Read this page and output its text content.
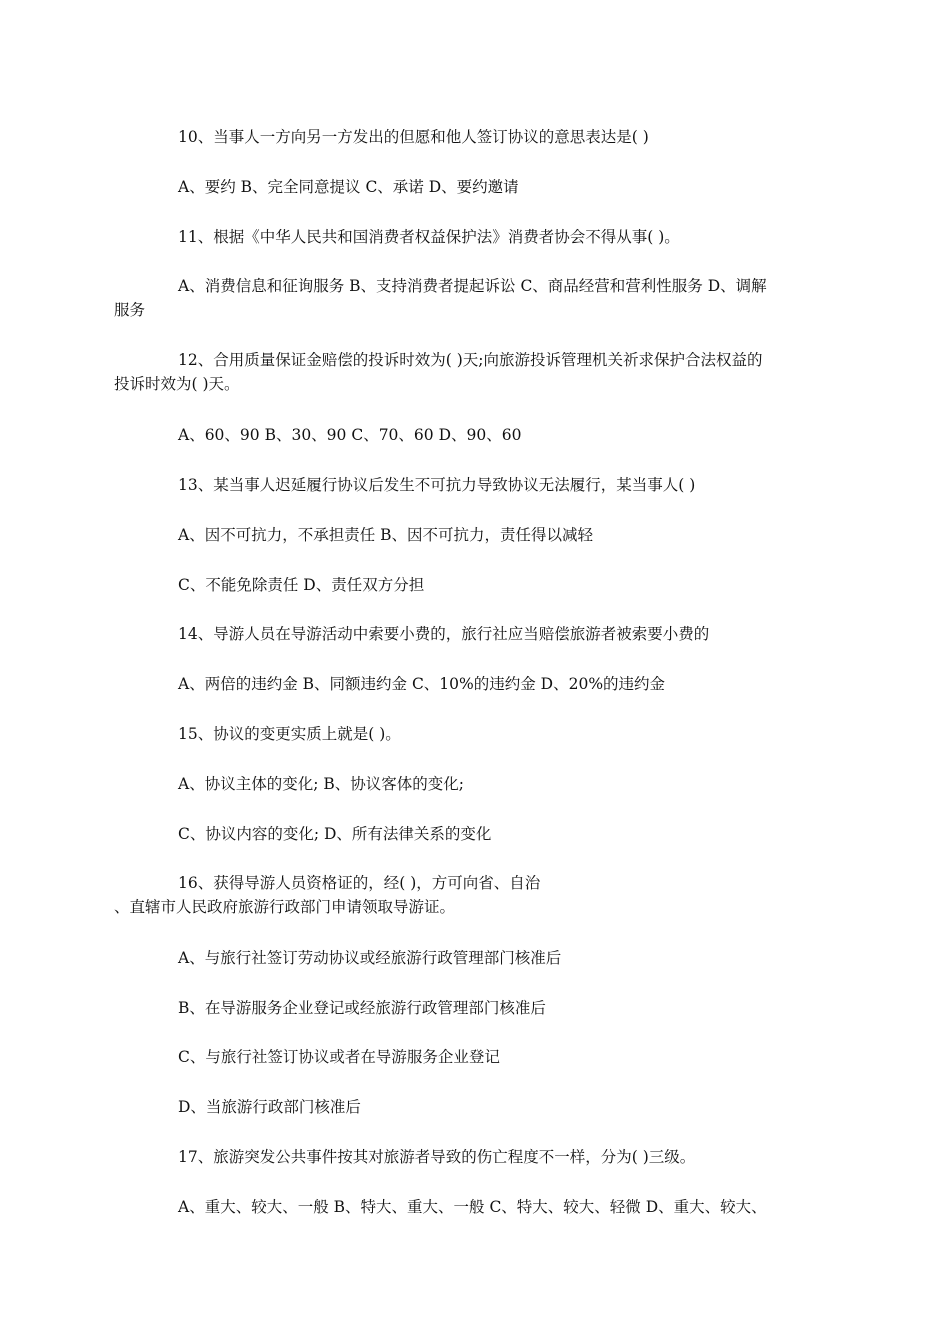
10、当事人一方向另一方发出的但愿和他人签订协议的意思表达是( )

A、要约 B、完全同意提议 C、承诺 D、要约邀请

11、根据《中华人民共和国消费者权益保护法》消费者协会不得从事( )。

A、消费信息和征询服务 B、支持消费者提起诉讼 C、商品经营和营利性服务 D、调解
服务

12、合用质量保证金赔偿的投诉时效为( )天;向旅游投诉管理机关祈求保护合法权益的
投诉时效为( )天。

A、60、90 B、30、90 C、70、60 D、90、60

13、某当事人迟延履行协议后发生不可抗力导致协议无法履行，某当事人( )

A、因不可抗力，不承担责任 B、因不可抗力，责任得以减轻

C、不能免除责任 D、责任双方分担

14、导游人员在导游活动中索要小费的，旅行社应当赔偿旅游者被索要小费的

A、两倍的违约金 B、同额违约金 C、10%的违约金 D、20%的违约金

15、协议的变更实质上就是( )。

A、协议主体的变化; B、协议客体的变化;

C、协议内容的变化; D、所有法律关系的变化

16、获得导游人员资格证的，经( )，方可向省、自治
、直辖市人民政府旅游行政部门申请领取导游证。

A、与旅行社签订劳动协议或经旅游行政管理部门核准后

B、在导游服务企业登记或经旅游行政管理部门核准后

C、与旅行社签订协议或者在导游服务企业登记

D、当旅游行政部门核准后

17、旅游突发公共事件按其对旅游者导致的伤亡程度不一样，分为( )三级。

A、重大、较大、一般 B、特大、重大、一般 C、特大、较大、轻微 D、重大、较大、
